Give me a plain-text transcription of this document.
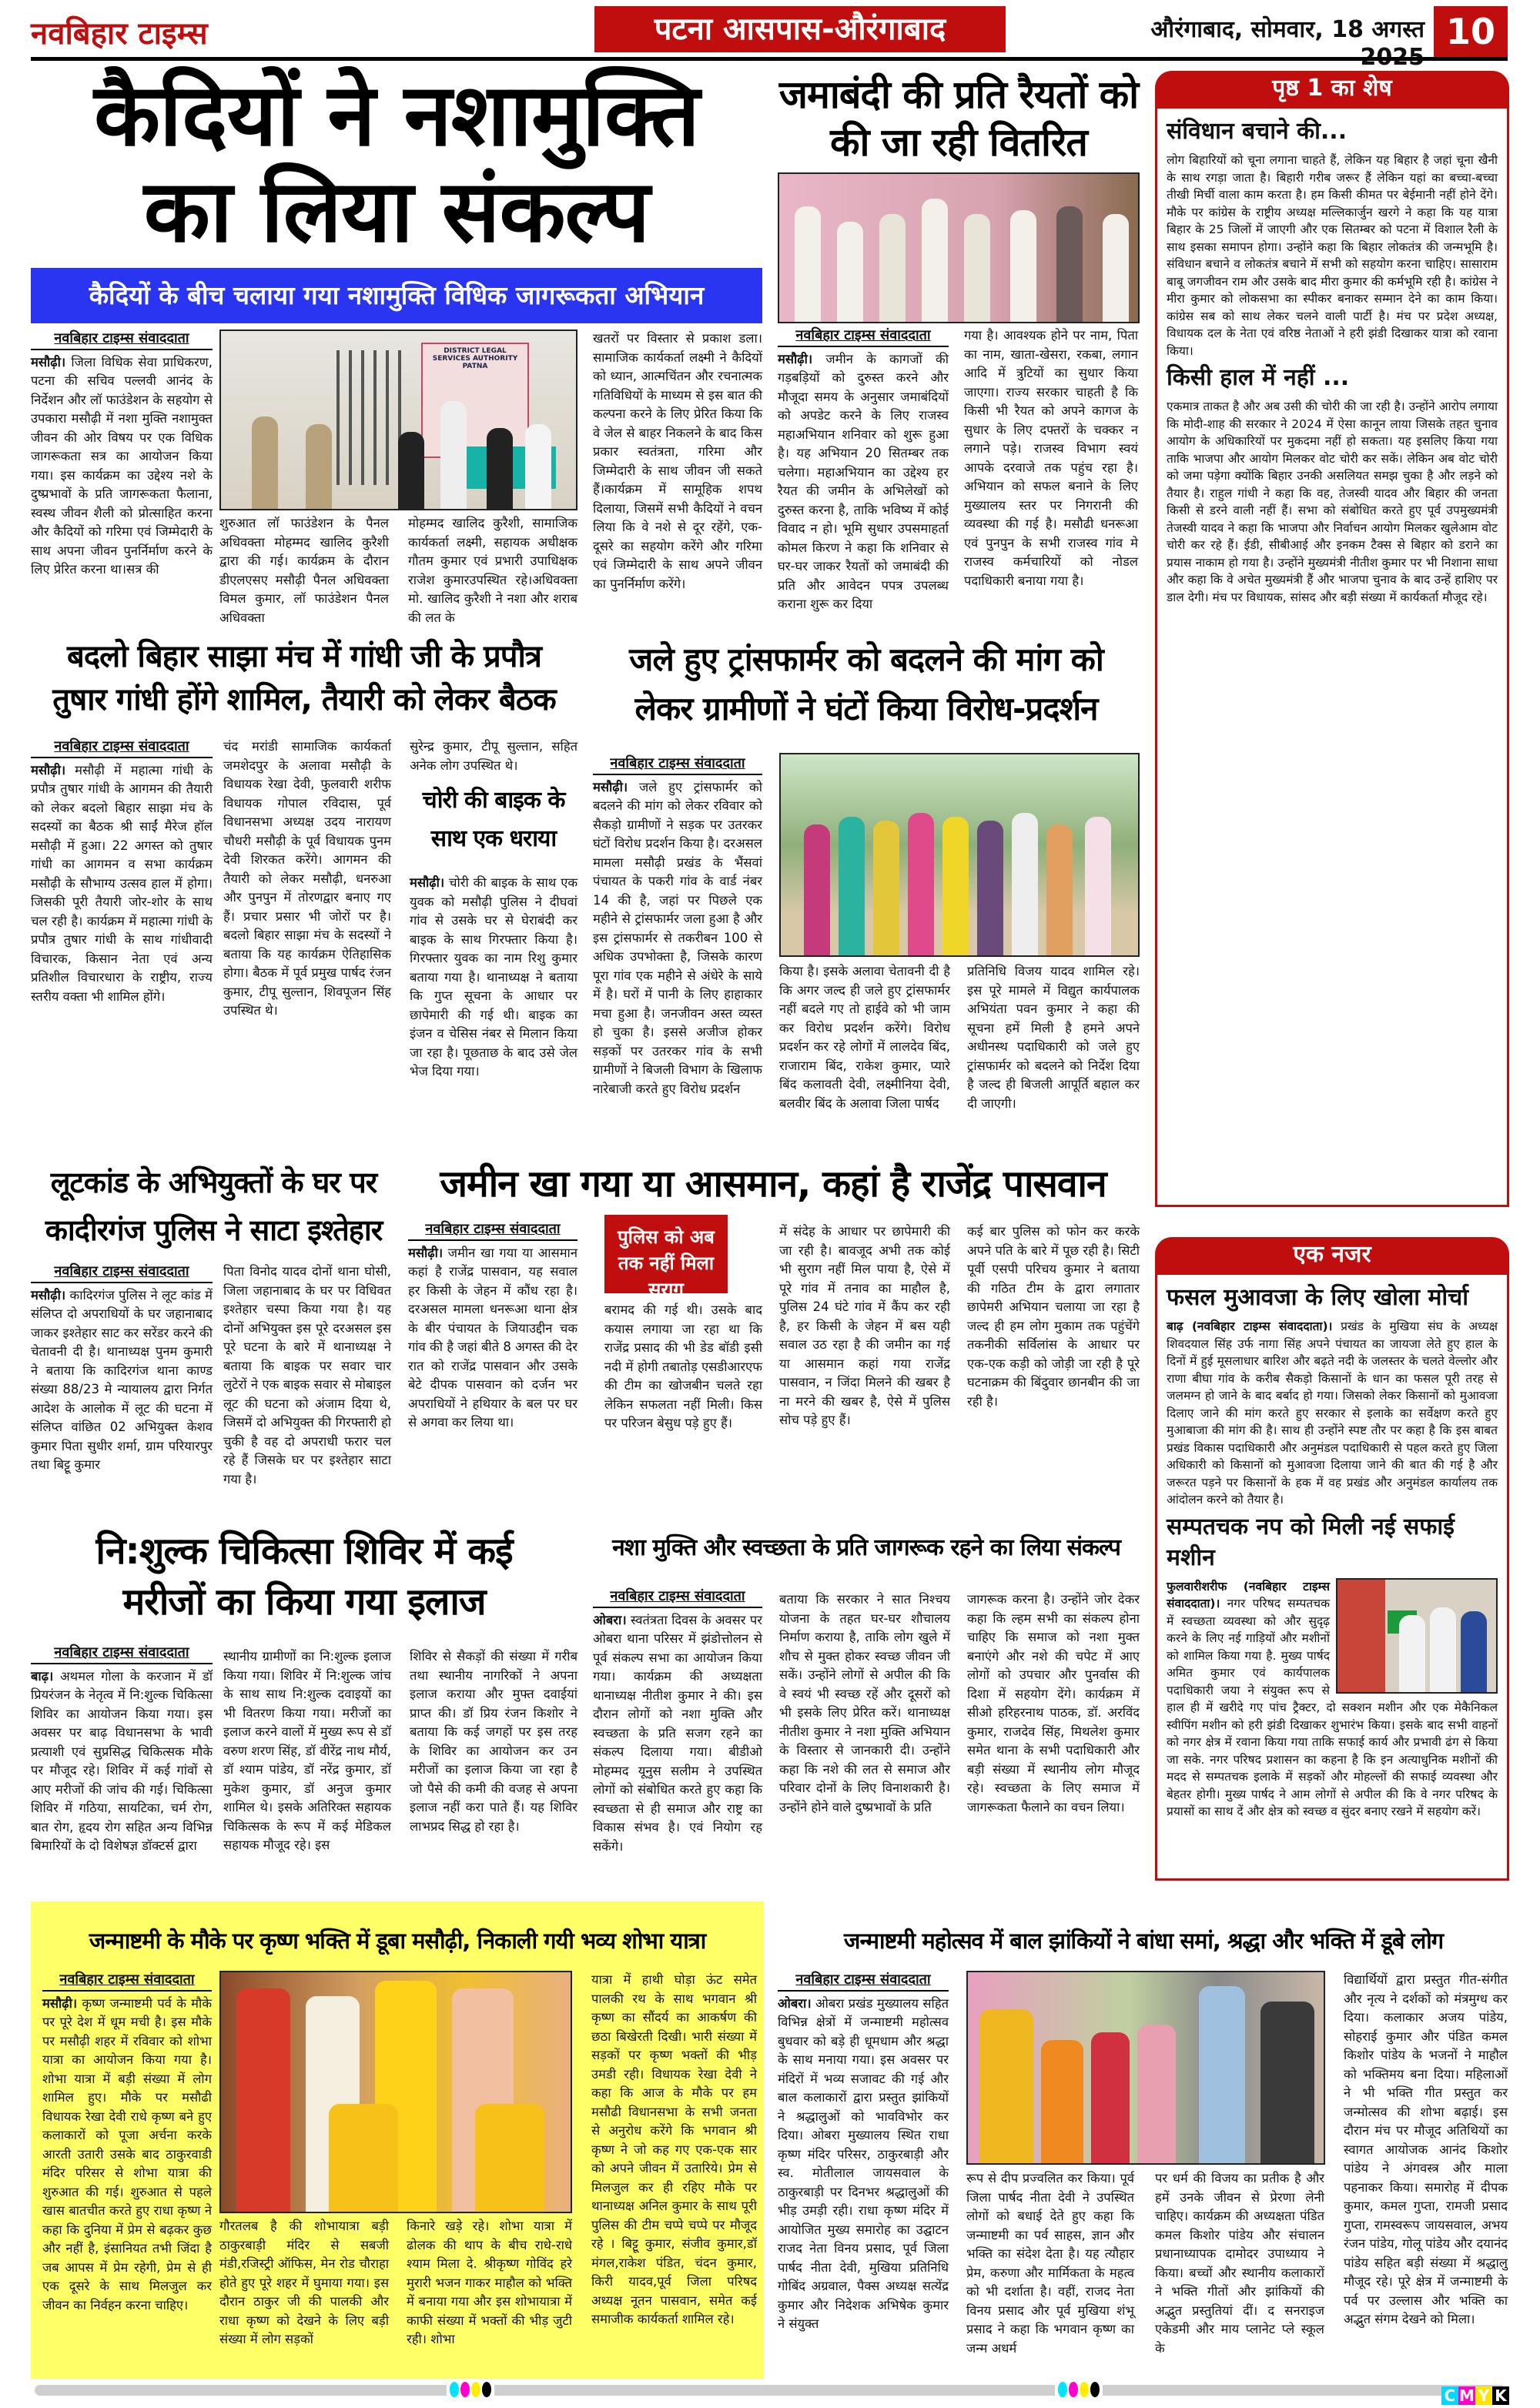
नवबिहार टाइम्स	पटना आसपास-औरंगाबाद	औरंगाबाद, सोमवार, 18 अगस्त 10
कैदियों ने नशामुक्ति
का लिया संकल्प
कैदियों के बीच चलाया गया नशामुक्ति विधिक जागरूकता अभियान
नवबिहार टाइम्स संवाददाता
मसौढ़ी। जिला विधिक सेवा प्राधिकरण, पटना की सचिव पल्लवी आनंद के निर्देशन और लॉ फाउंडेशन के सहयोग से उपकारा मसौढ़ी में नशा मुक्ति नशामुक्त जीवन की ओर विषय पर एक विधिक जागरूकता सत्र का आयोजन किया गया। इस कार्यक्रम का उद्देश्य नशे के दुष्प्रभावों के प्रति जागरूकता फैलाना, स्वस्थ जीवन शैली को प्रोत्साहित करना और कैदियों को गरिमा एवं जिम्मेदारी के साथ अपना जीवन पुनर्निर्माण करने के लिए प्रेरित करना था।सत्र की
DISTRICT LEGAL SERVICES AUTHORITY PATNA
शुरुआत लॉ फाउंडेशन के पैनल अधिवक्ता मोहम्मद खालिद कुरैशी द्वारा की गई। कार्यक्रम के दौरान डीएलएसए मसौढ़ी पैनल अधिवक्ता विमल कुमार, लॉ फाउंडेशन पैनल अधिवक्ता
मोहम्मद खालिद कुरैशी, सामाजिक कार्यकर्ता लक्ष्मी, सहायक अधीक्षक गौतम कुमार एवं प्रभारी उपाधिक्षक राजेश कुमारउपस्थित रहे।अधिवक्ता मो. खालिद कुरैशी ने नशा और शराब की लत के
खतरों पर विस्तार से प्रकाश डला। सामाजिक कार्यकर्ता लक्ष्मी ने कैदियों को ध्यान, आत्मचिंतन और रचनात्मक गतिविधियों के माध्यम से इस बात की कल्पना करने के लिए प्रेरित किया कि वे जेल से बाहर निकलने के बाद किस प्रकार स्वतंत्रता, गरिमा और जिम्मेदारी के साथ जीवन जी सकते हैं।कार्यक्रम में सामूहिक शपथ दिलाया, जिसमें सभी कैदियों ने वचन लिया कि वे नशे से दूर रहेंगे, एक-दूसरे का सहयोग करेंगे और गरिमा एवं जिम्मेदारी के साथ अपने जीवन का पुनर्निर्माण करेंगे।
जमाबंदी की प्रति रैयतों को की जा रही वितरित
नवबिहार टाइम्स संवाददाता
मसौढ़ी। जमीन के कागजों की गड़बड़ियों को दुरुस्त करने और मौजूदा समय के अनुसार जमाबंदियों को अपडेट करने के लिए राजस्व महाअभियान शनिवार को शुरू हुआ है। यह अभियान 20 सितम्बर तक चलेगा। महाअभियान का उद्देश्य हर रैयत की जमीन के अभिलेखों को दुरुस्त करना है, ताकि भविष्य में कोई विवाद न हो। भूमि सुधार उपसमाहर्ता कोमल किरण ने कहा कि शनिवार से घर-घर जाकर रैयतों को जमाबंदी की प्रति और आवेदन पपत्र उपलब्ध कराना शुरू कर दिया
गया है। आवश्यक होने पर नाम, पिता का नाम, खाता-खेसरा, रकबा, लगान आदि में त्रुटियों का सुधार किया जाएगा। राज्य सरकार चाहती है कि किसी भी रैयत को अपने कागज के सुधार के लिए दफ्तरों के चक्कर न लगाने पड़े। राजस्व विभाग स्वयं आपके दरवाजे तक पहुंच रहा है। अभियान को सफल बनाने के लिए मुख्यालय स्तर पर निगरानी की व्यवस्था की गई है। मसौढी धनरूआ एवं पुनपुन के सभी राजस्व गांव मे राजस्व कर्मचारियों को नोडल पदाधिकारी बनाया गया है।
पृष्ठ 1 का शेष
संविधान बचाने की...

लोग बिहारियों को चूना लगाना चाहते हैं, लेकिन यह बिहार है जहां चूना खैनी के साथ रगड़ा जाता है। बिहारी गरीब जरूर हैं लेकिन यहां का बच्चा-बच्चा तीखी मिर्ची वाला काम करता है। हम किसी कीमत पर बेईमानी नहीं होने देंगे। मौके पर कांग्रेस के राष्ट्रीय अध्यक्ष मल्लिकार्जुन खरगे ने कहा कि यह यात्रा बिहार के 25 जिलों में जाएगी और एक सितम्बर को पटना में विशाल रैली के साथ इसका समापन होगा। उन्होंने कहा कि बिहार लोकतंत्र की जन्मभूमि है। संविधान बचाने व लोकतंत्र बचाने में सभी को सहयोग करना चाहिए। सासाराम बाबू जगजीवन राम और उसके बाद मीरा कुमार की कर्मभूमि रही है। कांग्रेस ने मीरा कुमार को लोकसभा का स्पीकर बनाकर सम्मान देने का काम किया। कांग्रेस सब को साथ लेकर चलने वाली पार्टी है। मंच पर प्रदेश अध्यक्ष, विधायक दल के नेता एवं वरिष्ठ नेताओं ने हरी झंडी दिखाकर यात्रा को रवाना किया।

किसी हाल में नहीं ...

एकमात्र ताकत है और अब उसी की चोरी की जा रही है। उन्होंने आरोप लगाया कि मोदी-शाह की सरकार ने 2024 में ऐसा कानून लाया जिसके तहत चुनाव आयोग के अधिकारियों पर मुकदमा नहीं हो सकता। यह इसलिए किया गया ताकि भाजपा और आयोग मिलकर वोट चोरी कर सकें। लेकिन अब वोट चोरी को जमा पड़ेगा क्योंकि बिहार उनकी असलियत समझ चुका है और लड़ने को तैयार है। राहुल गांधी ने कहा कि वह, तेजस्वी यादव और बिहार की जनता किसी से डरने वाली नहीं हैं। सभा को संबोधित करते हुए पूर्व उपमुख्यमंत्री तेजस्वी यादव ने कहा कि भाजपा और निर्वाचन आयोग मिलकर खुलेआम वोट चोरी कर रहे हैं। ईडी, सीबीआई और इनकम टैक्स से बिहार को डराने का प्रयास नाकाम हो गया है। उन्होंने मुख्यमंत्री नीतीश कुमार पर भी निशाना साधा और कहा कि वे अचेत मुख्यमंत्री हैं और भाजपा चुनाव के बाद उन्हें हाशिए पर डाल देगी। मंच पर विधायक, सांसद और बड़ी संख्या में कार्यकर्ता मौजूद रहे।

बदलो बिहार साझा मंच में गांधी जी के प्रपौत्र
तुषार गांधी होंगे शामिल, तैयारी को लेकर बैठक
नवबिहार टाइम्स संवाददाता
मसौढ़ी। मसौढ़ी में महात्मा गांधी के प्रपौत्र तुषार गांधी के आगमन की तैयारी को लेकर बदलो बिहार साझा मंच के सदस्यों का बैठक श्री साईं मैरेज हॉल मसौढ़ी में हुआ। 22 अगस्त को तुषार गांधी का आगमन व सभा कार्यक्रम मसौढ़ी के सौभाग्य उत्सव हाल में होगा। जिसकी पूरी तैयारी जोर-शोर के साथ चल रही है। कार्यक्रम में महात्मा गांधी के प्रपौत्र तुषार गांधी के साथ गांधीवादी विचारक, किसान नेता एवं अन्य प्रतिशील विचारधारा के राष्ट्रीय, राज्य स्तरीय वक्ता भी शामिल होंगे।
चंद मरांडी सामाजिक कार्यकर्ता जमशेदपुर के अलावा मसौढ़ी के विधायक रेखा देवी, फुलवारी शरीफ विधायक गोपाल रविदास, पूर्व विधानसभा अध्यक्ष उदय नारायण चौधरी मसौढ़ी के पूर्व विधायक पुनम देवी शिरकत करेंगे। आगमन की तैयारी को लेकर मसौढ़ी, धनरुआ और पुनपुन में तोरणद्वार बनाए गए हैं। प्रचार प्रसार भी जोरों पर है। बदलो बिहार साझा मंच के सदस्यों ने बताया कि यह कार्यक्रम ऐतिहासिक होगा। बैठक में पूर्व प्रमुख पार्षद रंजन कुमार, टीपू सुल्तान, शिवपूजन सिंह उपस्थित थे।
सुरेन्द्र कुमार, टीपू सुल्तान, सहित अनेक लोग उपस्थित थे।
चोरी की बाइक के साथ एक धराया
मसौढ़ी। चोरी की बाइक के साथ एक युवक को मसौढ़ी पुलिस ने दीघवां गांव से उसके घर से घेराबंदी कर बाइक के साथ गिरफ्तार किया है। गिरफ्तार युवक का नाम रिशु कुमार बताया गया है। थानाध्यक्ष ने बताया कि गुप्त सूचना के आधार पर छापेमारी की गई थी। बाइक का इंजन व चेसिस नंबर से मिलान किया जा रहा है। पूछताछ के बाद उसे जेल भेज दिया गया।
जले हुए ट्रांसफार्मर को बदलने की मांग को
लेकर ग्रामीणों ने घंटों किया विरोध-प्रदर्शन
नवबिहार टाइम्स संवाददाता
मसौढ़ी। जले हुए ट्रांसफार्मर को बदलने की मांग को लेकर रविवार को सैकड़ो ग्रामीणों ने सड़क पर उतरकर घंटों विरोध प्रदर्शन किया है। दरअसल मामला मसौढ़ी प्रखंड के भैंसवां पंचायत के पकरी गांव के वार्ड नंबर 14 की है, जहां पर पिछले एक महीने से ट्रांसफार्मर जला हुआ है और इस ट्रांसफार्मर से तकरीबन 100 से अधिक उपभोक्ता है, जिसके कारण पूरा गांव एक महीने से अंधेरे के साये में है। घरों में पानी के लिए हाहाकार मचा हुआ है। जनजीवन अस्त व्यस्त हो चुका है। इससे अजीज होकर सड़कों पर उतरकर गांव के सभी ग्रामीणों ने बिजली विभाग के खिलाफ नारेबाजी करते हुए विरोध प्रदर्शन
किया है। इसके अलावा चेतावनी दी है कि अगर जल्द ही जले हुए ट्रांसफार्मर नहीं बदले गए तो हाईवे को भी जाम कर विरोध प्रदर्शन करेंगे। विरोध प्रदर्शन कर रहे लोगों में लालदेव बिंद, राजाराम बिंद, राकेश कुमार, प्यारे बिंद कलावती देवी, लक्ष्मीनिया देवी, बलवीर बिंद के अलावा जिला पार्षद
प्रतिनिधि विजय यादव शामिल रहे। इस पूरे मामले में विद्युत कार्यपालक अभियंता पवन कुमार ने कहा की सूचना हमें मिली है हमने अपने अधीनस्थ पदाधिकारी को जले हुए ट्रांसफार्मर को बदलने को निर्देश दिया है जल्द ही बिजली आपूर्ति बहाल कर दी जाएगी।
लूटकांड के अभियुक्तों के घर पर
कादीरगंज पुलिस ने साटा इश्तेहार
नवबिहार टाइम्स संवाददाता
मसौढ़ी। कादिरगंज पुलिस ने लूट कांड में संलिप्त दो अपराधियों के घर जहानाबाद जाकर इश्तेहार साट कर सरेंडर करने की चेतावनी दी है। थानाध्यक्ष पुनम कुमारी ने बताया कि कादिरगंज थाना काण्ड संख्या 88/23 मे न्यायालय द्वारा निर्गत आदेश के आलोक में लूट की घटना में संलिप्त वांछित 02 अभियुक्त केशव कुमार पिता सुधीर शर्मा, ग्राम परियारपुर तथा बिट्टू कुमार
पिता विनोद यादव दोनों थाना घोसी, जिला जहानाबाद के घर पर विधिवत इश्तेहार चस्पा किया गया है। यह दोनों अभियुक्त इस पूरे दरअसल इस पूरे घटना के बारे में थानाध्यक्ष ने बताया कि बाइक पर सवार चार लुटेरों ने एक बाइक सवार से मोबाइल लूट की घटना को अंजाम दिया थे, जिसमें दो अभियुक्त की गिरफ्तारी हो चुकी है वह दो अपराधी फरार चल रहे हैं जिसके घर पर इश्तेहार साटा गया है।
जमीन खा गया या आसमान, कहां है राजेंद्र पासवान
नवबिहार टाइम्स संवाददाता
मसौढ़ी। जमीन खा गया या आसमान कहां है राजेंद्र पासवान, यह सवाल हर किसी के जेहन में कौंध रहा है। दरअसल मामला धनरूआ थाना क्षेत्र के बीर पंचायत के जियाउद्दीन चक गांव की है जहां बीते 8 अगस्त की देर रात को राजेंद्र पासवान और उसके बेटे दीपक पासवान को दर्जन भर अपराधियों ने हथियार के बल पर घर से अगवा कर लिया था।
पुलिस को अब तक नहीं मिला सुराग
बरामद की गई थी। उसके बाद कयास लगाया जा रहा था कि राजेंद्र प्रसाद की भी डेड बॉडी इसी नदी में होगी तबातोड़ एसडीआरएफ की टीम का खोजबीन चलते रहा लेकिन सफलता नहीं मिली। किस पर परिजन बेसुध पड़े हुए हैं।
में संदेह के आधार पर छापेमारी की जा रही है। बावजूद अभी तक कोई भी सुराग नहीं मिल पाया है, ऐसे में पूरे गांव में तनाव का माहौल है, पुलिस 24 घंटे गांव में कैंप कर रही है, हर किसी के जेहन में बस यही सवाल उठ रहा है की जमीन का गई या आसमान कहां गया राजेंद्र पासवान, न जिंदा मिलने की खबर है ना मरने की खबर है, ऐसे में पुलिस सोच पड़े हुए हैं।
कई बार पुलिस को फोन कर करके अपने पति के बारे में पूछ रही है। सिटी पूर्वी एसपी परिचय कुमार ने बताया की गठित टीम के द्वारा लगातार छापेमरी अभियान चलाया जा रहा है जल्द ही हम लोग मुकाम तक पहुंचेंगे तकनीकी सर्विलांस के आधार पर एक-एक कड़ी को जोड़ी जा रही है पूरे घटनाक्रम की बिंदुवार छानबीन की जा रही है।
एक नजर
फसल मुआवजा के लिए खोला मोर्चा

बाढ़ (नवबिहार टाइम्स संवाददाता)। प्रखंड के मुखिया संघ के अध्यक्ष शिवदयाल सिंह उर्फ नागा सिंह अपने पंचायत का जायजा लेते हुए हाल के दिनों में हुई मूसलाधार बारिश और बढ़ते नदी के जलस्तर के चलते वेल्लोर और राणा बीघा गांव के करीब सैकड़ो किसानों के धान का फसल पूरी तरह से जलमग्न हो जाने के बाद बर्बाद हो गया। जिसको लेकर किसानों को मुआवजा दिलाए जाने की मांग करते हुए सरकार से इलाके का सर्वेक्षण करते हुए मुआबाजा की मांग की है। साथ ही उन्होंने स्पष्ट तौर पर कहा है कि इस बाबत प्रखंड विकास पदाधिकारी और अनुमंडल पदाधिकारी से पहल करते हुए जिला अधिकारी को किसानों को मुआवजा दिलाया जाने की बात की गई है और जरूरत पड़ने पर किसानों के हक में वह प्रखंड और अनुमंडल कार्यालय तक आंदोलन करने को तैयार है।

सम्पतचक नप को मिली नई सफाई मशीन

फुलवारीशरीफ (नवबिहार टाइम्स संवाददाता)। नगर परिषद सम्पतचक में स्वच्छता व्यवस्था को और सुदृढ़ करने के लिए नई गाड़ियों और मशीनों को शामिल किया गया है. मुख्य पार्षद अमित कुमार एवं कार्यपालक पदाधिकारी जया ने संयुक्त रूप से हाल ही में खरीदे गए पांच ट्रैक्टर, दो सक्शन मशीन और एक मेकैनिकल स्वीपिंग मशीन को हरी झंडी दिखाकर शुभारंभ किया। इसके बाद सभी वाहनों को नगर क्षेत्र में रवाना किया गया ताकि सफाई कार्य और प्रभावी ढंग से किया जा सके. नगर परिषद प्रशासन का कहना है कि इन अत्याधुनिक मशीनों की मदद से सम्पतचक इलाके में सड़कों और मोहल्लों की सफाई व्यवस्था और बेहतर होगी। मुख्य पार्षद ने आम लोगों से अपील की कि वे नगर परिषद के प्रयासों का साथ दें और क्षेत्र को स्वच्छ व सुंदर बनाए रखने में सहयोग करें।

नि:शुल्क चिकित्सा शिविर में कई
मरीजों का किया गया इलाज
नवबिहार टाइम्स संवाददाता
बाढ़। अथमल गोला के करजान में डॉ प्रियरंजन के नेतृत्व में नि:शुल्क चिकित्सा शिविर का आयोजन किया गया। इस अवसर पर बाढ़ विधानसभा के भावी प्रत्याशी एवं सुप्रसिद्ध चिकित्सक मौके पर मौजूद रहे। शिविर में कई गांवों से आए मरीजों की जांच की गई। चिकित्सा शिविर में गठिया, सायटिका, चर्म रोग, बात रोग, हृदय रोग सहित अन्य विभिन्न बिमारियों के दो विशेषज्ञ डॉक्टर्स द्वारा
स्थानीय ग्रामीणों का नि:शुल्क इलाज किया गया। शिविर में नि:शुल्क जांच के साथ साथ नि:शुल्क दवाइयों का भी वितरण किया गया। मरीजों का इलाज करने वालों में मुख्य रूप से डॉ वरुण शरण सिंह, डॉ वीरेंद्र नाथ मौर्य, डॉ श्याम पांडेय, डॉ नरेंद्र कुमार, डॉ मुकेश कुमार, डॉ अनुज कुमार शामिल थे। इसके अतिरिक्त सहायक चिकित्सक के रूप में कई मेडिकल सहायक मौजूद रहे। इस
शिविर से सैकड़ों की संख्या में गरीब तथा स्थानीय नागरिकों ने अपना इलाज कराया और मुफ्त दवाईयां प्राप्त की। डॉ प्रिय रंजन किशोर ने बताया कि कई जगहों पर इस तरह के शिविर का आयोजन कर उन मरीजों का इलाज किया जा रहा है जो पैसे की कमी की वजह से अपना इलाज नहीं करा पाते हैं। यह शिविर लाभप्रद सिद्ध हो रहा है।
नशा मुक्ति और स्वच्छता के प्रति जागरूक रहने का लिया संकल्प
नवबिहार टाइम्स संवाददाता
ओबरा। स्वतंत्रता दिवस के अवसर पर ओबरा थाना परिसर में झंडोत्तोलन से पूर्व संकल्प सभा का आयोजन किया गया। कार्यक्रम की अध्यक्षता थानाध्यक्ष नीतीश कुमार ने की। इस दौरान लोगों को नशा मुक्ति और स्वच्छता के प्रति सजग रहने का संकल्प दिलाया गया। बीडीओ मोहम्मद यूनुस सलीम ने उपस्थित लोगों को संबोधित करते हुए कहा कि स्वच्छता से ही समाज और राष्ट्र का विकास संभव है। एवं नियोग रह सकेंगे।
बताया कि सरकार ने सात निश्चय योजना के तहत घर-घर शौचालय निर्माण कराया है, ताकि लोग खुले में शौच से मुक्त होकर स्वच्छ जीवन जी सकें। उन्होंने लोगों से अपील की कि वे स्वयं भी स्वच्छ रहें और दूसरों को भी इसके लिए प्रेरित करें। थानाध्यक्ष नीतीश कुमार ने नशा मुक्ति अभियान के विस्तार से जानकारी दी। उन्होंने कहा कि नशे की लत से समाज और परिवार दोनों के लिए विनाशकारी है। उन्होंने होने वाले दुष्प्रभावों के प्रति
जागरूक करना है। उन्होंने जोर देकर कहा कि ल्हम सभी का संकल्प होना चाहिए कि समाज को नशा मुक्त बनाएंगे और नशे की चपेट में आए लोगों को उपचार और पुनर्वास की दिशा में सहयोग देंगे। कार्यक्रम में सीओ हरिहरनाथ पाठक, डॉ. अरविंद कुमार, राजदेव सिंह, मिथलेश कुमार समेत थाना के सभी पदाधिकारी और बड़ी संख्या में स्थानीय लोग मौजूद रहे। स्वच्छता के लिए समाज में जागरूकता फैलाने का वचन लिया।
जन्माष्टमी के मौके पर कृष्ण भक्ति में डूबा मसौढ़ी, निकाली गयी भव्य शोभा यात्रा
नवबिहार टाइम्स संवाददाता
मसौढ़ी। कृष्ण जन्माष्टमी पर्व के मौके पर पूरे देश में धूम मची है। इस मौके पर मसौढ़ी शहर में रविवार को शोभा यात्रा का आयोजन किया गया है। शोभा यात्रा में बड़ी संख्या में लोग शामिल हुए। मौके पर मसौढी विधायक रेखा देवी राधे कृष्ण बने हुए कलाकारों को पूजा अर्चना करके आरती उतारी उसके बाद ठाकुरवाडी मंदिर परिसर से शोभा यात्रा की शुरुआत की गई। शुरुआत से पहले खास बातचीत करते हुए राधा कृष्ण ने कहा कि दुनिया में प्रेम से बढ़कर कुछ और नहीं है, इंसानियत तभी जिंदा है जब आपस में प्रेम रहेगी, प्रेम से ही एक दूसरे के साथ मिलजुल कर जीवन का निर्वहन करना चाहिए।
गौरतलब है की शोभायात्रा बड़ी ठाकुरबाड़ी मंदिर से सबजी मंडी,रजिस्ट्री ऑफिस, मेन रोड चौराहा होते हुए पूरे शहर में घुमाया गया। इस दौरान ठाकुर जी की पालकी और राधा कृष्ण को देखने के लिए बड़ी संख्या में लोग सड़कों
किनारे खड़े रहे। शोभा यात्रा में ढोलक की थाप के बीच राधे-राधे श्याम मिला दे. श्रीकृष्ण गोविंद हरे मुरारी भजन गाकर माहौल को भक्ति में बनाया गया और इस शोभायात्रा में काफी संख्या में भक्तों की भीड़ जुटी रही। शोभा
यात्रा में हाथी घोड़ा ऊंट समेत पालकी रथ के साथ भगवान श्री कृष्ण का सौंदर्य का आकर्षण की छठा बिखेरती दिखी। भारी संख्या में सड़कों पर कृष्ण भक्तों की भीड़ उमडी रही। विधायक रेखा देवी ने कहा कि आज के मौके पर हम मसौढी विधानसभा के सभी जनता से अनुरोध करेंगे कि भगवान श्री कृष्ण ने जो कह गए एक-एक सार को अपने जीवन में उतारिये। प्रेम से मिलजुल कर ही रहिए मौके पर थानाध्यक्ष अनिल कुमार के साथ पूरी पुलिस की टीम चप्पे चप्पे पर मौजूद रहे । बिट्टू कुमार, संजीव कुमार,डॉ मंगल,राकेश पंडित, चंदन कुमार, किरी यादव,पूर्व जिला परिषद अध्यक्ष नूतन पासवान, समेत कई समाजीक कार्यकर्ता शामिल रहे।
जन्माष्टमी महोत्सव में बाल झांकियों ने बांधा समां, श्रद्धा और भक्ति में डूबे लोग
नवबिहार टाइम्स संवाददाता
ओबरा। ओबरा प्रखंड मुख्यालय सहित विभिन्न क्षेत्रों में जन्माष्टमी महोत्सव बुधवार को बड़े ही धूमधाम और श्रद्धा के साथ मनाया गया। इस अवसर पर मंदिरों में भव्य सजावट की गई और बाल कलाकारों द्वारा प्रस्तुत झांकियों ने श्रद्धालुओं को भावविभोर कर दिया। ओबरा मुख्यालय स्थित राधा कृष्ण मंदिर परिसर, ठाकुरबाड़ी और स्व. मोतीलाल जायसवाल के ठाकुरबाड़ी पर दिनभर श्रद्धालुओं की भीड़ उमड़ी रही। राधा कृष्ण मंदिर में आयोजित मुख्य समारोह का उद्घाटन राजद नेता विनय प्रसाद, पूर्व जिला पार्षद नीता देवी, मुखिया प्रतिनिधि गोबिंद अग्रवाल, पैक्स अध्यक्ष सत्येंद्र कुमार और निदेशक अभिषेक कुमार ने संयुक्त
रूप से दीप प्रज्वलित कर किया। पूर्व जिला पार्षद नीता देवी ने उपस्थित लोगों को बधाई देते हुए कहा कि जन्माष्टमी का पर्व साहस, ज्ञान और भक्ति का संदेश देता है। यह त्यौहार प्रेम, करुणा और मार्मिकता के महत्व को भी दर्शाता है। वहीं, राजद नेता विनय प्रसाद और पूर्व मुखिया शंभू प्रसाद ने कहा कि भगवान कृष्ण का जन्म अधर्म
पर धर्म की विजय का प्रतीक है और हमें उनके जीवन से प्रेरणा लेनी चाहिए। कार्यक्रम की अध्यक्षता पंडित कमल किशोर पांडेय और संचालन प्रधानाध्यापक दामोदर उपाध्याय ने किया। बच्चों और स्थानीय कलाकारों ने भक्ति गीतों और झांकियों की अद्भुत प्रस्तुतियां दीं। द सनराइज एकेडमी और माय प्लानेट प्ले स्कूल के
विद्यार्थियों द्वारा प्रस्तुत गीत-संगीत और नृत्य ने दर्शकों को मंत्रमुग्ध कर दिया। कलाकार अजय पांडेय, सोहराई कुमार और पंडित कमल किशोर पांडेय के भजनों ने माहौल को भक्तिमय बना दिया। महिलाओं ने भी भक्ति गीत प्रस्तुत कर जन्मोत्सव की शोभा बढ़ाई। इस दौरान मंच पर मौजूद अतिथियों का स्वागत आयोजक आनंद किशोर पांडेय ने अंगवस्त्र और माला पहनाकर किया। समारोह में दीपक कुमार, कमल गुप्ता, रामजी प्रसाद गुप्ता, रामस्वरूप जायसवाल, अभय रंजन पांडेय, गोलू पांडेय और दयानंद पांडेय सहित बड़ी संख्या में श्रद्धालु मौजूद रहे। पूरे क्षेत्र में जन्माष्टमी के पर्व पर उल्लास और भक्ति का अद्भुत संगम देखने को मिला।
C M Y K
